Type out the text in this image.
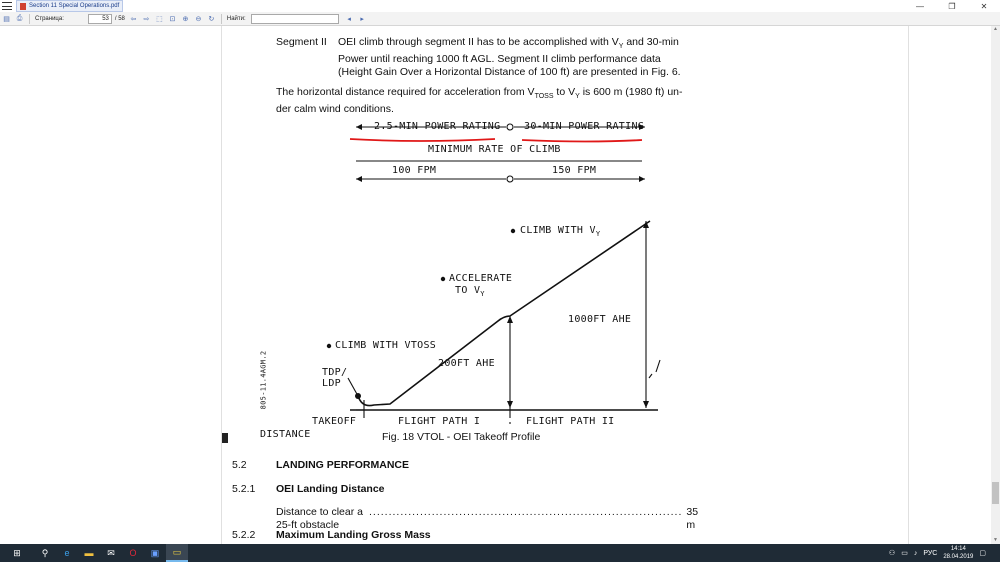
Section 11 Special Operations.pdf	—	❐	✕
▤ ⎙ Страница:	53	/ 58 ⇦ ⇨ ⬚ ⊡ ⊕ ⊖ ↻ Найти:	◂	▸
Segment II	OEI climb through segment II has to be accomplished with $V_Y$ and 30-min
Power until reaching 1000 ft AGL. Segment II climb performance data
(Height Gain Over a Horizontal Distance of 100 ft) are presented in Fig. 6.
The horizontal distance required for acceleration from $V_{TOSS}$ to $V_Y$ is 600 m (1980 ft) un-
der calm wind conditions.
2.5-MIN POWER RATING 30-MIN POWER RATING
MINIMUM RATE OF CLIMB
100 FPM	150 FPM
CLIMB WITH $V_Y$
ACCELERATE
TO $V_Y$
CLIMB WITH VTOSS
1000FT AHE
200FT AHE
TDP/
LDP
TAKEOFF	FLIGHT PATH I	FLIGHT PATH II
805-11.4AGM.2
DISTANCE	Fig. 18 VTOL - OEI Takeoff Profile
5.2	LANDING PERFORMANCE
5.2.1 OEI Landing Distance
Distance to clear a 25-ft obstacle
................................................................................ 35 m
5.2.2 Maximum Landing Gross Mass
▲
▼
⊞	⚲	e	▬	✉	O	▣	▭	⚇ ▭ ♪ РУС
14:14
28.04.2019 ▢
